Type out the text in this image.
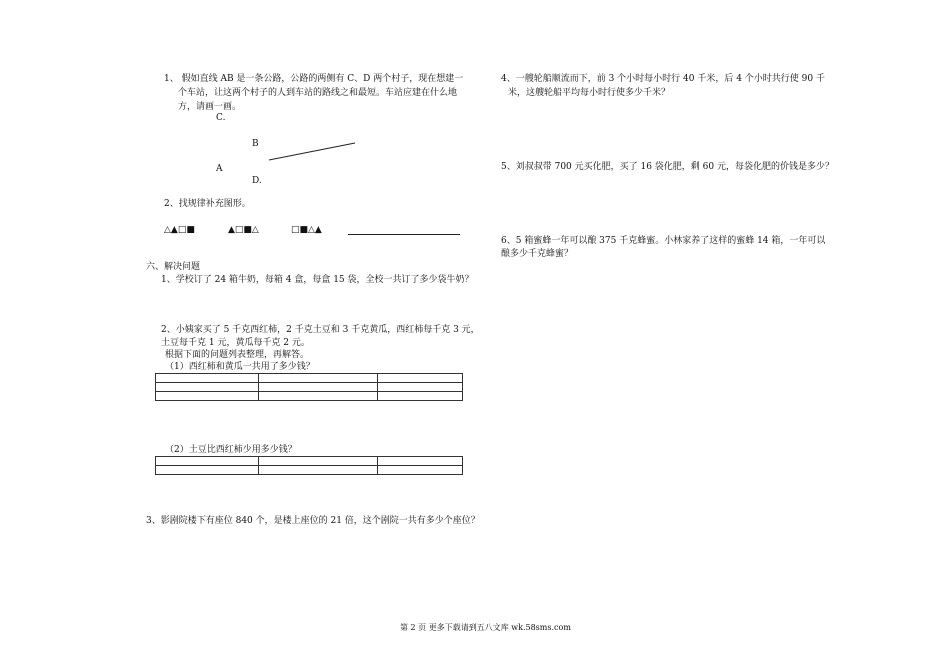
1、 假如直线 AB 是一条公路，公路的两侧有 C、D 两个村子，现在想建一
个车站，让这两个村子的人到车站的路线之和最短。车站应建在什么地
方，请画一画。
C.
B
A
D.
2、找规律补充图形。
△▲□■	▲□■△	□■△▲
六、解决问题
1、学校订了 24 箱牛奶，每箱 4 盒，每盒 15 袋，全校一共订了多少袋牛奶？
2、小姨家买了 5 千克西红柿，2 千克土豆和 3 千克黄瓜，西红柿每千克 3 元，
土豆每千克 1 元，黄瓜每千克 2 元。
根据下面的问题列表整理，再解答。
（1）西红柿和黄瓜一共用了多少钱？

（2）土豆比西红柿少用多少钱？

3、影剧院楼下有座位 840 个，是楼上座位的 21 倍，这个剧院一共有多少个座位？
4、一艘轮船顺流而下，前 3 个小时每小时行 40 千米，后 4 个小时共行使 90 千
米，这艘轮船平均每小时行使多少千米？
5、刘叔叔带 700 元买化肥，买了 16 袋化肥，剩 60 元，每袋化肥的价钱是多少？
6、5 箱蜜蜂一年可以酿 375 千克蜂蜜。小林家养了这样的蜜蜂 14 箱，一年可以
酿多少千克蜂蜜？
第 2 页 更多下载请到五八文库 wk.58sms.com
